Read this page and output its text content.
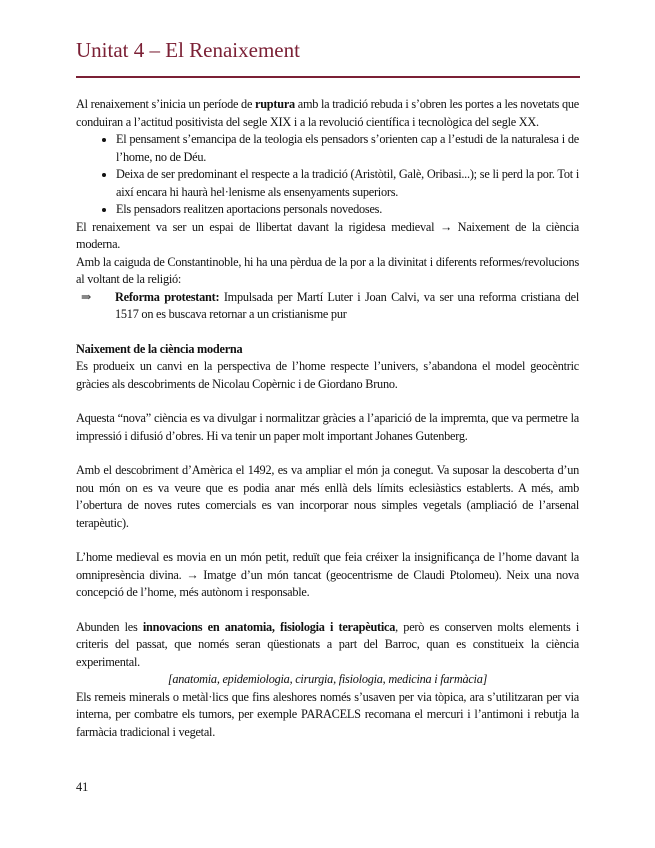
Unitat 4 – El Renaixement

Al renaixement s’inicia un període de ruptura amb la tradició rebuda i s’obren les portes a les novetats que conduiran a l’actitud positivista del segle XIX i a la revolució científica i tecnològica del segle XX.

• El pensament s’emancipa de la teologia els pensadors s’orienten cap a l’estudi de la naturalesa i de l’home, no de Déu.
• Deixa de ser predominant el respecte a la tradició (Aristòtil, Galè, Oribasi...); se li perd la por. Tot i així encara hi haurà hel·lenisme als ensenyaments superiors.
• Els pensadors realitzen aportacions personals novedoses.

El renaixement va ser un espai de llibertat davant la rigidesa medieval → Naixement de la ciència moderna.

Amb la caiguda de Constantinoble, hi ha una pèrdua de la por a la divinitat i diferents reformes/revolucions al voltant de la religió:

⇒	Reforma protestant: Impulsada per Martí Luter i Joan Calvi, va ser una reforma cristiana del 1517 on es buscava retornar a un cristianisme pur

Naixement de la ciència moderna

Es produeix un canvi en la perspectiva de l’home respecte l’univers, s’abandona el model geocèntric gràcies als descobriments de Nicolau Copèrnic i de Giordano Bruno.

Aquesta “nova” ciència es va divulgar i normalitzar gràcies a l’aparició de la impremta, que va permetre la impressió i difusió d’obres. Hi va tenir un paper molt important Johanes Gutenberg.

Amb el descobriment d’Amèrica el 1492, es va ampliar el món ja conegut. Va suposar la descoberta d’un nou món on es va veure que es podia anar més enllà dels límits eclesiàstics establerts. A més, amb l’obertura de noves rutes comercials es van incorporar nous simples vegetals (ampliació de l’arsenal terapèutic).

L’home medieval es movia en un món petit, reduït que feia créixer la insignificança de l’home davant la omnipresència divina. → Imatge d’un món tancat (geocentrisme de Claudi Ptolomeu). Neix una nova concepció de l’home, més autònom i responsable.

Abunden les innovacions en anatomia, fisiologia i terapèutica, però es conserven molts elements i criteris del passat, que només seran qüestionats a part del Barroc, quan es constitueix la ciència experimental.

[anatomia, epidemiologia, cirurgia, fisiologia, medicina i farmàcia]

Els remeis minerals o metàl·lics que fins aleshores només s’usaven per via tòpica, ara s’utilitzaran per via interna, per combatre els tumors, per exemple PARACELS recomana el mercuri i l’antimoni i rebutja la farmàcia tradicional i vegetal.

41
